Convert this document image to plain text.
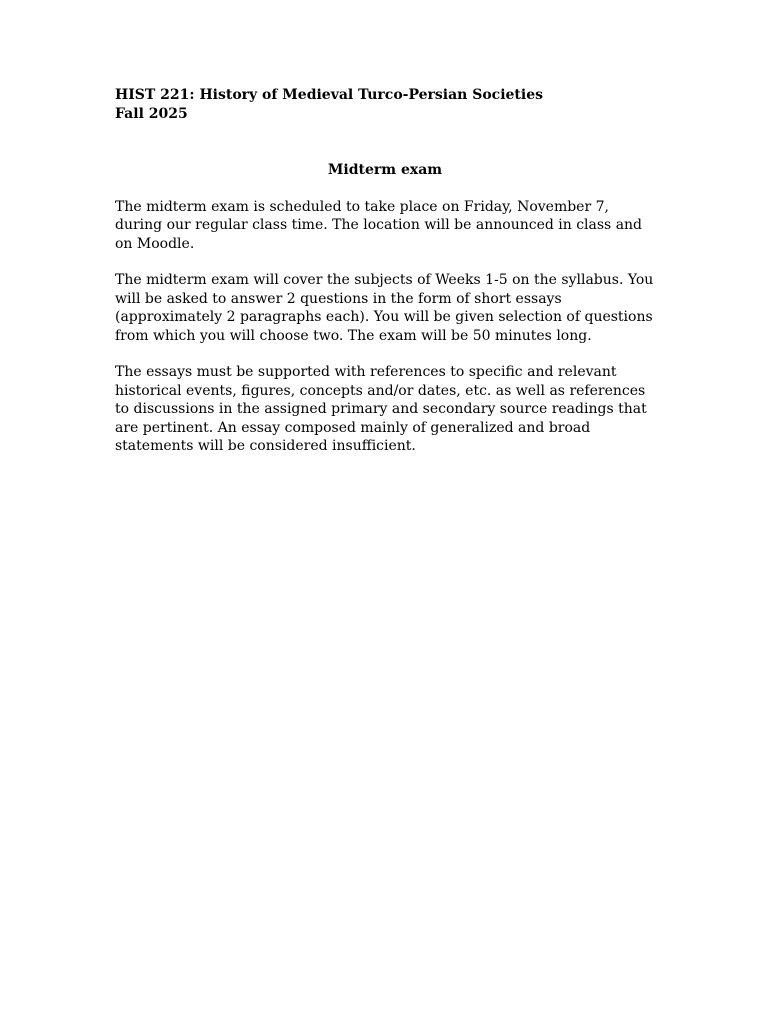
HIST 221: History of Medieval Turco-Persian Societies

Fall 2025

Midterm exam

The midterm exam is scheduled to take place on Friday, November 7, during our regular class time. The location will be announced in class and on Moodle.

The midterm exam will cover the subjects of Weeks 1-5 on the syllabus. You will be asked to answer 2 questions in the form of short essays (approximately 2 paragraphs each). You will be given selection of questions from which you will choose two. The exam will be 50 minutes long.

The essays must be supported with references to specific and relevant historical events, figures, concepts and/or dates, etc. as well as references to discussions in the assigned primary and secondary source readings that are pertinent. An essay composed mainly of generalized and broad statements will be considered insufficient.
